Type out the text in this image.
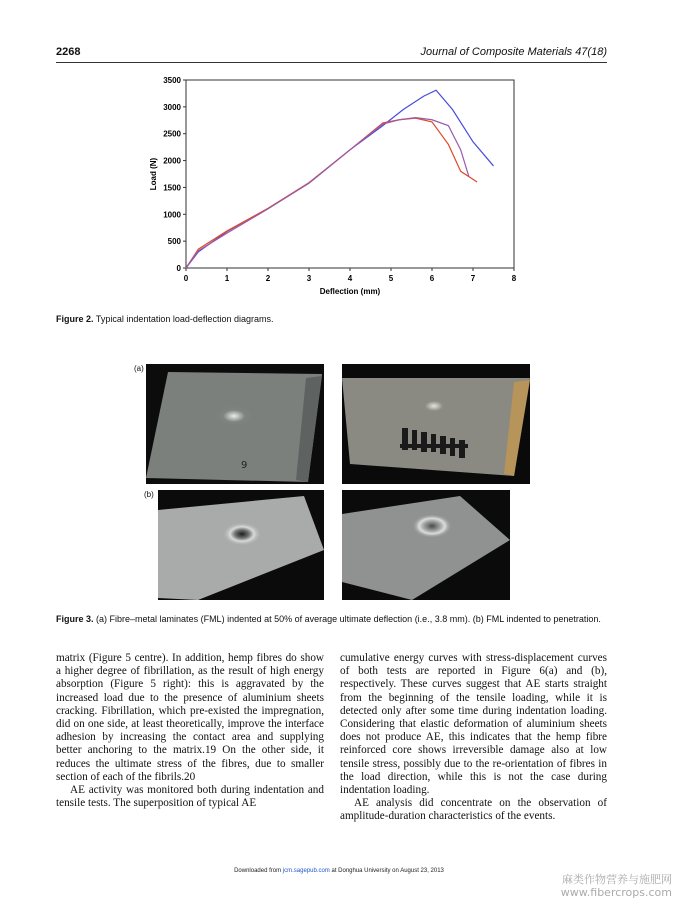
2268	Journal of Composite Materials 47(18)
0	1	2	3	4	5	6	7	8
0
500
1000
1500
2000
2500
3000
3500
Deflection (mm)
Load (N)
Figure 2. Typical indentation load-deflection diagrams.
(a)
(b)
9
Figure 3. (a) Fibre–metal laminates (FML) indented at 50% of average ultimate deflection (i.e., 3.8 mm). (b) FML indented to penetration.

matrix (Figure 5 centre). In addition, hemp fibres do show a higher degree of fibrillation, as the result of high energy absorption (Figure 5 right): this is aggravated by the increased load due to the presence of aluminium sheets cracking. Fibrillation, which pre-existed the impregnation, did on one side, at least theoretically, improve the interface adhesion by increasing the contact area and supplying better anchoring to the matrix.19 On the other side, it reduces the ultimate stress of the fibres, due to smaller section of each of the fibrils.20

AE activity was monitored both during indentation and tensile tests. The superposition of typical AE

cumulative energy curves with stress-displacement curves of both tests are reported in Figure 6(a) and (b), respectively. These curves suggest that AE starts straight from the beginning of the tensile loading, while it is detected only after some time during indentation loading. Considering that elastic deformation of aluminium sheets does not produce AE, this indicates that the hemp fibre reinforced core shows irreversible damage also at low tensile stress, possibly due to the re-orientation of fibres in the load direction, while this is not the case during indentation loading.

AE analysis did concentrate on the observation of amplitude-duration characteristics of the events.

Downloaded from jcm.sagepub.com at Donghua University on August 23, 2013
麻类作物营养与施肥网
www.fibercrops.com
